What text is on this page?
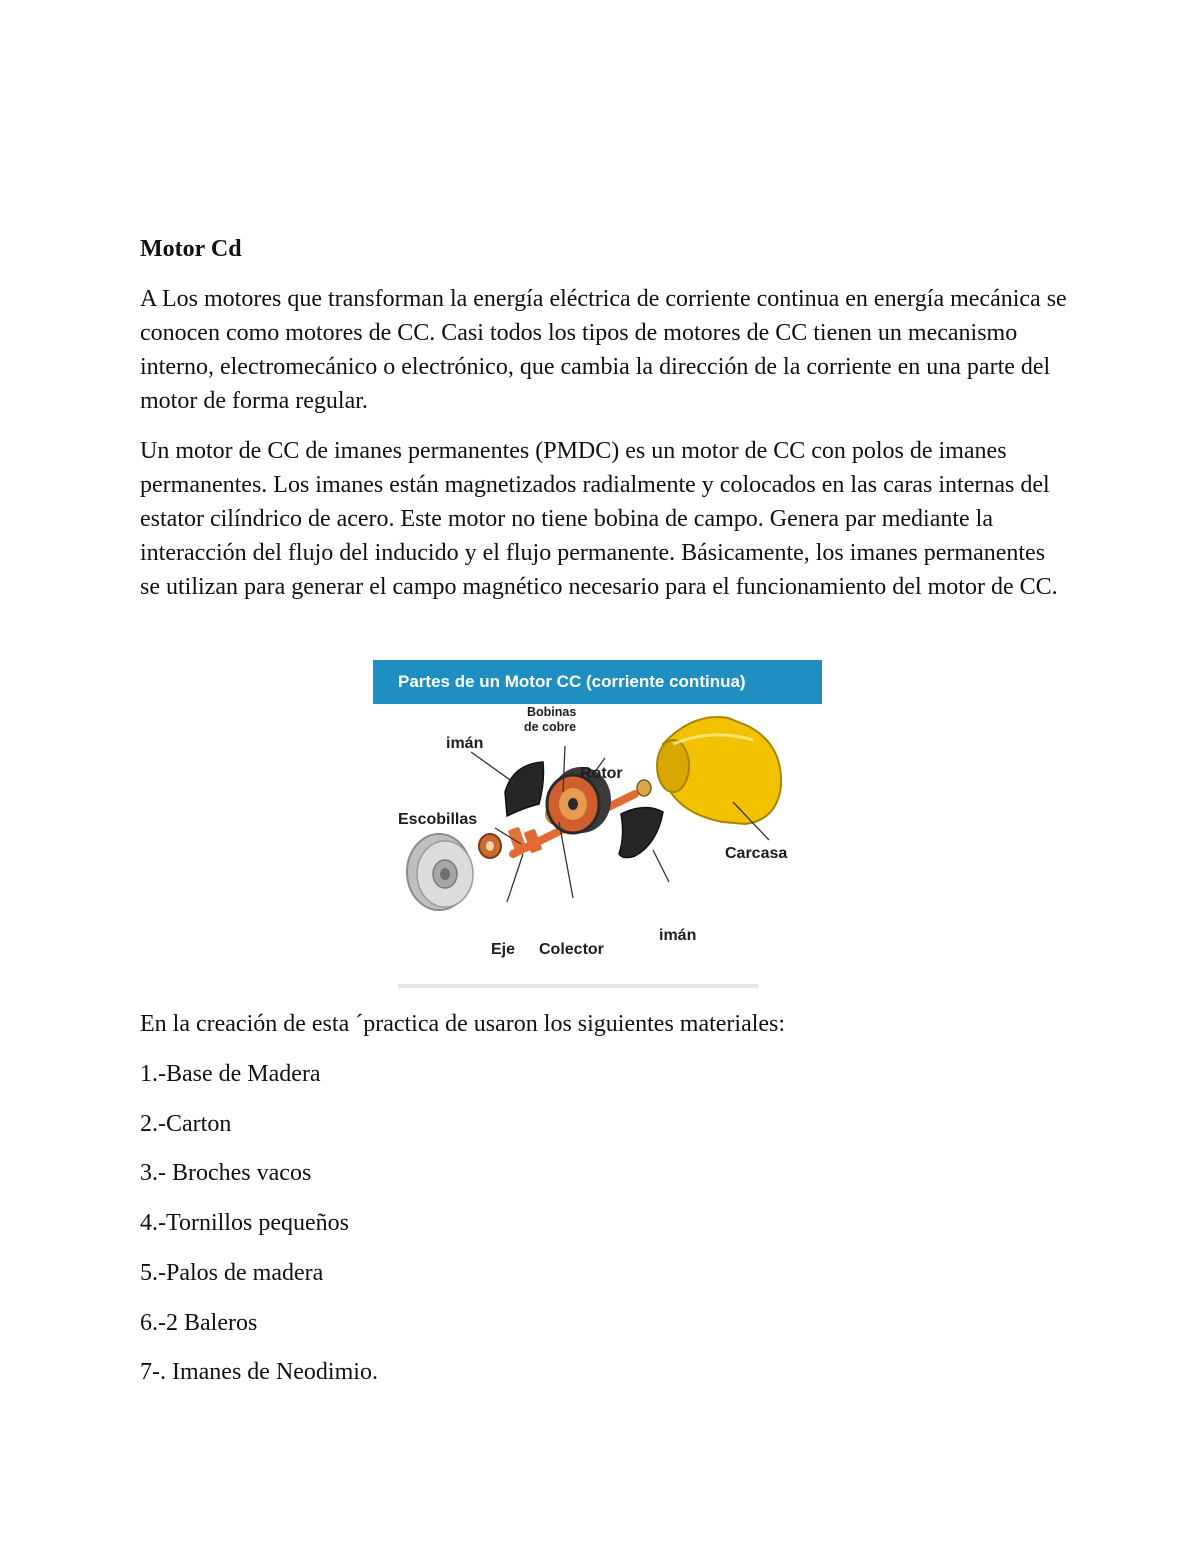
Motor Cd

A Los motores que transforman la energía eléctrica de corriente continua en energía mecánica se conocen como motores de CC. Casi todos los tipos de motores de CC tienen un mecanismo interno, electromecánico o electrónico, que cambia la dirección de la corriente en una parte del motor de forma regular.

Un motor de CC de imanes permanentes (PMDC) es un motor de CC con polos de imanes permanentes. Los imanes están magnetizados radialmente y colocados en las caras internas del estator cilíndrico de acero. Este motor no tiene bobina de campo. Genera par mediante la interacción del flujo del inducido y el flujo permanente. Básicamente, los imanes permanentes se utilizan para generar el campo magnético necesario para el funcionamiento del motor de CC.

Partes de un Motor CC (corriente continua)
Bobinas
de cobre
imán
Rotor
Escobillas
Carcasa
Eje Colector
imán

En la creación de esta ´practica de usaron los siguientes materiales:

1.-Base de Madera

2.-Carton

3.- Broches vacos

4.-Tornillos pequeños

5.-Palos de madera

6.-2 Baleros

7-. Imanes de Neodimio.
